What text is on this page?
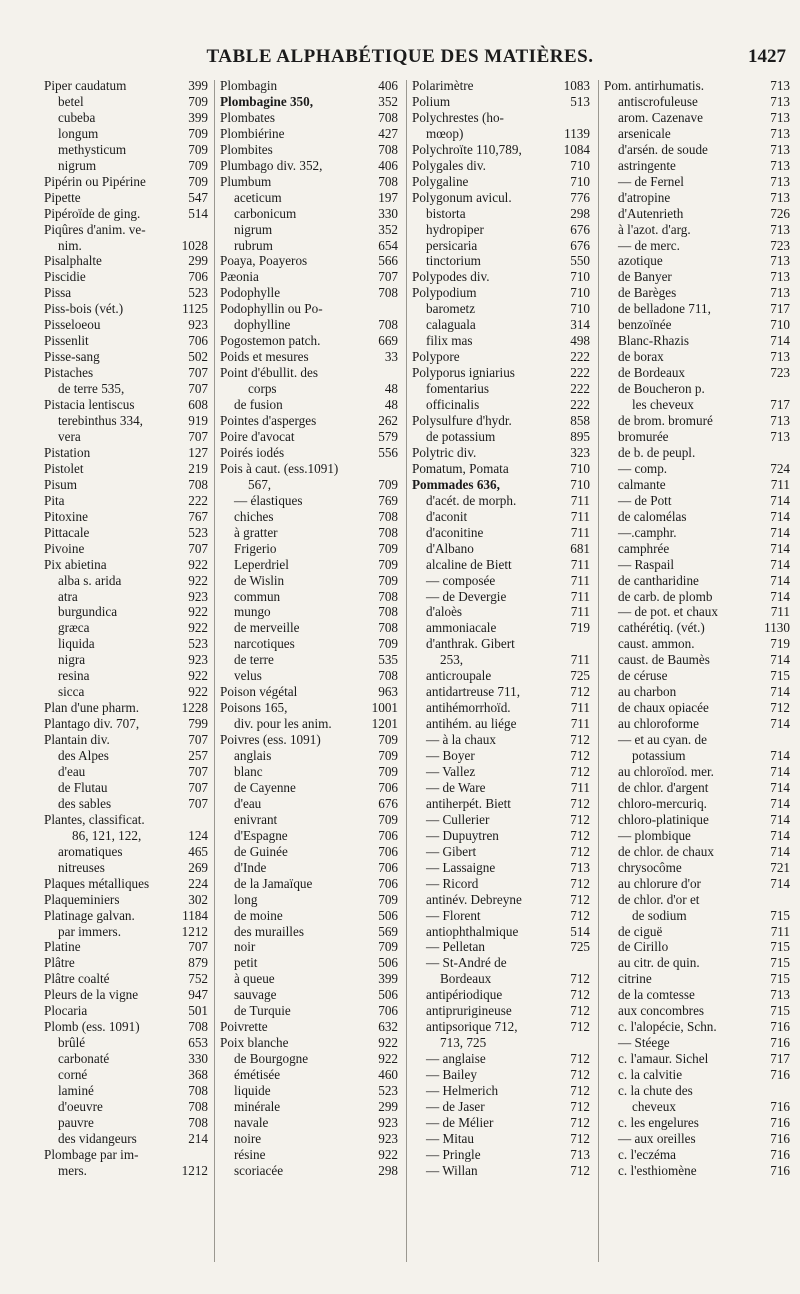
TABLE ALPHABÉTIQUE DES MATIÈRES.	1427
Piper caudatum	399
betel	709
cubeba	399
longum	709
methysticum	709
nigrum	709
Pipérin ou Pipérine	709
Pipette	547
Pipéroïde de ging.	514
Piqûres d'anim. ve-
nim.	1028
Pisalphalte	299
Piscidie	706
Pissa	523
Piss-bois (vét.)	1125
Pisseloeou	923
Pissenlit	706
Pisse-sang	502
Pistaches	707
de terre 535,	707
Pistacia lentiscus	608
terebinthus 334,	919
vera	707
Pistation	127
Pistolet	219
Pisum	708
Pita	222
Pitoxine	767
Pittacale	523
Pivoine	707
Pix abietina	922
alba s. arida	922
atra	923
burgundica	922
græca	922
liquida	523
nigra	923
resina	922
sicca	922
Plan d'une pharm.	1228
Plantago div. 707,	799
Plantain div.	707
des Alpes	257
d'eau	707
de Flutau	707
des sables	707
Plantes, classificat.
86, 121, 122,	124
aromatiques	465
nitreuses	269
Plaques métalliques	224
Plaqueminiers	302
Platinage galvan.	1184
par immers.	1212
Platine	707
Plâtre	879
Plâtre coalté	752
Pleurs de la vigne	947
Plocaria	501
Plomb (ess. 1091)	708
brûlé	653
carbonaté	330
corné	368
laminé	708
d'oeuvre	708
pauvre	708
des vidangeurs	214
Plombage par im-
mers.	1212
Plombagin	406
Plombagine 350,	352
Plombates	708
Plombiérine	427
Plombites	708
Plumbago div. 352,	406
Plumbum	708
aceticum	197
carbonicum	330
nigrum	352
rubrum	654
Poaya, Poayeros	566
Pæonia	707
Podophylle	708
Podophyllin ou Po-
dophylline	708
Pogostemon patch.	669
Poids et mesures	33
Point d'ébullit. des
corps	48
de fusion	48
Pointes d'asperges	262
Poire d'avocat	579
Poirés iodés	556
Pois à caut. (ess.1091)
567,	709
— élastiques	769
chiches	708
à gratter	708
Frigerio	709
Leperdriel	709
de Wislin	709
commun	708
mungo	708
de merveille	708
narcotiques	709
de terre	535
velus	708
Poison végétal	963
Poisons 165,	1001
div. pour les anim.	1201
Poivres (ess. 1091)	709
anglais	709
blanc	709
de Cayenne	706
d'eau	676
enivrant	709
d'Espagne	706
de Guinée	706
d'Inde	706
de la Jamaïque	706
long	709
de moine	506
des murailles	569
noir	709
petit	506
à queue	399
sauvage	506
de Turquie	706
Poivrette	632
Poix blanche	922
de Bourgogne	922
émétisée	460
liquide	523
minérale	299
navale	923
noire	923
résine	922
scoriacée	298
Polarimètre	1083
Polium	513
Polychrestes (ho-
mœop)	1139
Polychroïte 110,789,	1084
Polygales div.	710
Polygaline	710
Polygonum avicul.	776
bistorta	298
hydropiper	676
persicaria	676
tinctorium	550
Polypodes div.	710
Polypodium	710
barometz	710
calaguala	314
filix mas	498
Polypore	222
Polyporus igniarius	222
fomentarius	222
officinalis	222
Polysulfure d'hydr.	858
de potassium	895
Polytric div.	323
Pomatum, Pomata	710
Pommades 636,	710
d'acét. de morph.	711
d'aconit	711
d'aconitine	711
d'Albano	681
alcaline de Biett	711
— composée	711
— de Devergie	711
d'aloès	711
ammoniacale	719
d'anthrak. Gibert
253,	711
anticroupale	725
antidartreuse 711,	712
antihémorrhoïd.	711
antihém. au liége	711
— à la chaux	712
— Boyer	712
— Vallez	712
— de Ware	711
antiherpét. Biett	712
— Cullerier	712
— Dupuytren	712
— Gibert	712
— Lassaigne	713
— Ricord	712
antinév. Debreyne	712
— Florent	712
antiophthalmique	514
— Pelletan	725
— St-André de
Bordeaux	712
antipériodique	712
antiprurigineuse	712
antipsorique 712,	712
713, 725
— anglaise	712
— Bailey	712
— Helmerich	712
— de Jaser	712
— de Mélier	712
— Mitau	712
— Pringle	713
— Willan	712
Pom. antirhumatis.	713
antiscrofuleuse	713
arom. Cazenave	713
arsenicale	713
d'arsén. de soude	713
astringente	713
— de Fernel	713
d'atropine	713
d'Autenrieth	726
à l'azot. d'arg.	713
— de merc.	723
azotique	713
de Banyer	713
de Barèges	713
de belladone 711,	717
benzoïnée	710
Blanc-Rhazis	714
de borax	713
de Bordeaux	723
de Boucheron p.
les cheveux	717
de brom. bromuré	713
bromurée	713
de b. de peupl.
— comp.	724
calmante	711
— de Pott	714
de calomélas	714
—.camphr.	714
camphrée	714
— Raspail	714
de cantharidine	714
de carb. de plomb	714
— de pot. et chaux	711
cathérétiq. (vét.)	1130
caust. ammon.	719
caust. de Baumès	714
de céruse	715
au charbon	714
de chaux opiacée	712
au chloroforme	714
— et au cyan. de
potassium	714
au chloroïod. mer.	714
de chlor. d'argent	714
chloro-mercuriq.	714
chloro-platinique	714
— plombique	714
de chlor. de chaux	714
chrysocôme	721
au chlorure d'or	714
de chlor. d'or et
de sodium	715
de ciguë	711
de Cirillo	715
au citr. de quin.	715
citrine	715
de la comtesse	713
aux concombres	715
c. l'alopécie, Schn.	716
— Stéege	716
c. l'amaur. Sichel	717
c. la calvitie	716
c. la chute des
cheveux	716
c. les engelures	716
— aux oreilles	716
c. l'eczéma	716
c. l'esthiomène	716
